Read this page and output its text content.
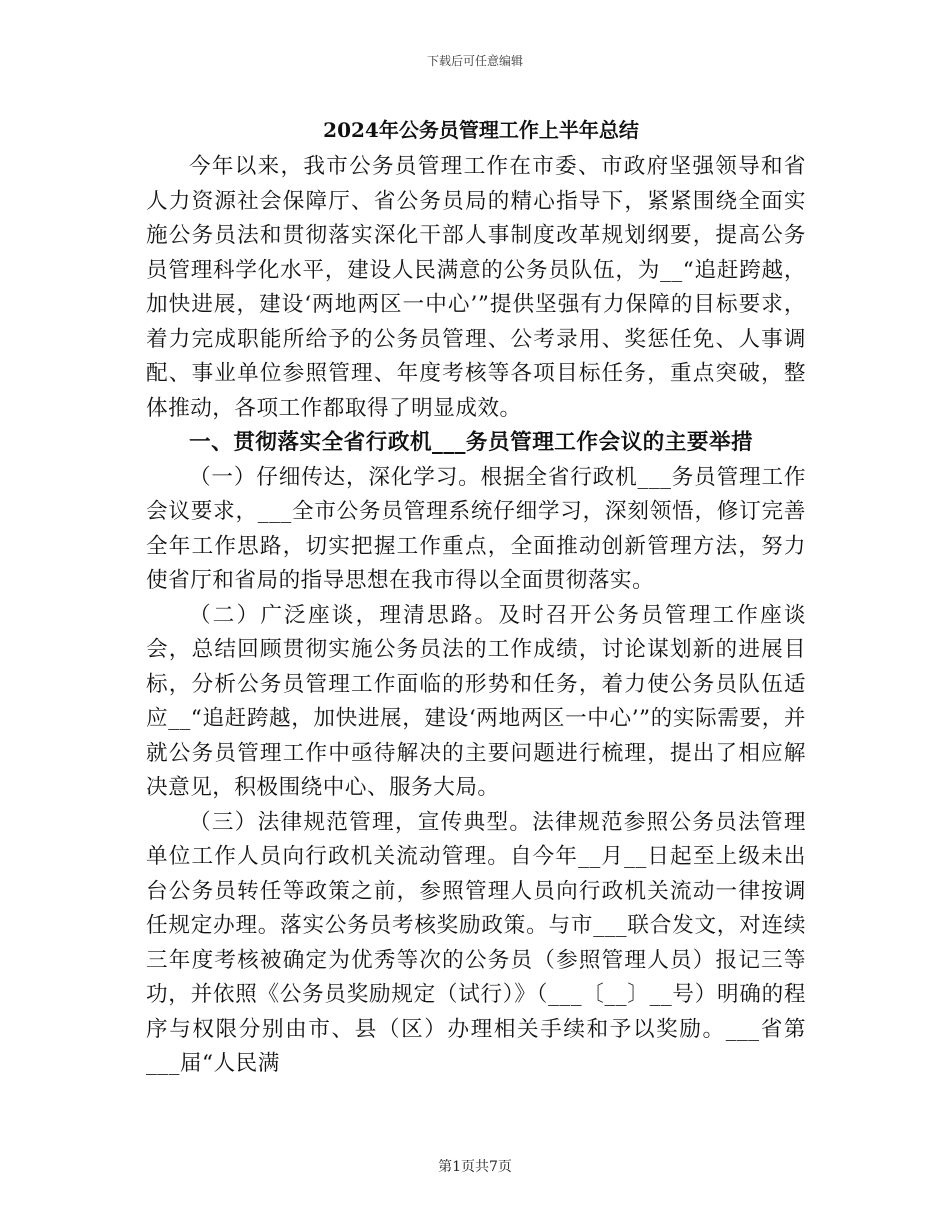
下载后可任意编辑
2024年公务员管理工作上半年总结

今年以来，我市公务员管理工作在市委、市政府坚强领导和省人力资源社会保障厅、省公务员局的精心指导下，紧紧围绕全面实施公务员法和贯彻落实深化干部人事制度改革规划纲要，提高公务员管理科学化水平，建设人民满意的公务员队伍，为__“追赶跨越，加快进展，建设‘两地两区一中心’”提供坚强有力保障的目标要求，着力完成职能所给予的公务员管理、公考录用、奖惩任免、人事调配、事业单位参照管理、年度考核等各项目标任务，重点突破，整体推动，各项工作都取得了明显成效。

一、贯彻落实全省行政机___务员管理工作会议的主要举措

（一）仔细传达，深化学习。根据全省行政机___务员管理工作会议要求，___全市公务员管理系统仔细学习，深刻领悟，修订完善全年工作思路，切实把握工作重点，全面推动创新管理方法，努力使省厅和省局的指导思想在我市得以全面贯彻落实。

（二）广泛座谈，理清思路。及时召开公务员管理工作座谈会，总结回顾贯彻实施公务员法的工作成绩，讨论谋划新的进展目标，分析公务员管理工作面临的形势和任务，着力使公务员队伍适应__“追赶跨越，加快进展，建设‘两地两区一中心’”的实际需要，并就公务员管理工作中亟待解决的主要问题进行梳理，提出了相应解决意见，积极围绕中心、服务大局。

（三）法律规范管理，宣传典型。法律规范参照公务员法管理单位工作人员向行政机关流动管理。自今年__月__日起至上级未出台公务员转任等政策之前，参照管理人员向行政机关流动一律按调任规定办理。落实公务员考核奖励政策。与市___联合发文，对连续三年度考核被确定为优秀等次的公务员（参照管理人员）报记三等功，并依照《公务员奖励规定（试行）》（___〔__〕__号）明确的程序与权限分别由市、县（区）办理相关手续和予以奖励。___省第___届“人民满

第1页共7页
